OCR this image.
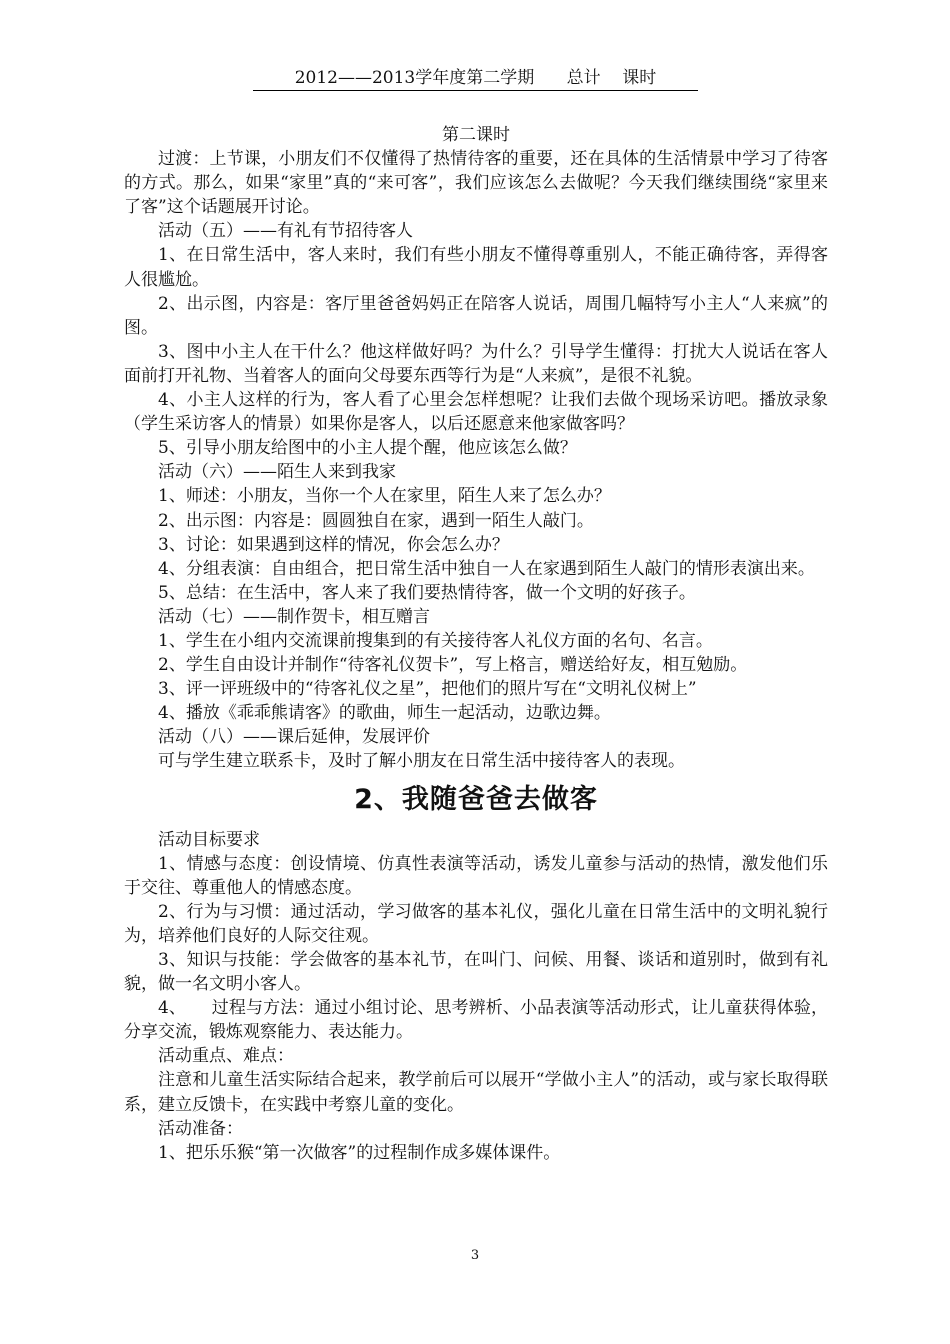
2012——2013学年度第二学期      总计    课时

第二课时

过渡：上节课，小朋友们不仅懂得了热情待客的重要，还在具体的生活情景中学习了待客的方式。那么，如果“家里”真的“来可客”，我们应该怎么去做呢？今天我们继续围绕“家里来了客”这个话题展开讨论。

活动（五）——有礼有节招待客人

1、在日常生活中，客人来时，我们有些小朋友不懂得尊重别人，不能正确待客，弄得客人很尴尬。

2、出示图，内容是：客厅里爸爸妈妈正在陪客人说话，周围几幅特写小主人“人来疯”的图。

3、图中小主人在干什么？他这样做好吗？为什么？引导学生懂得：打扰大人说话在客人面前打开礼物、当着客人的面向父母要东西等行为是“人来疯”，是很不礼貌。

4、小主人这样的行为，客人看了心里会怎样想呢？让我们去做个现场采访吧。播放录象（学生采访客人的情景）如果你是客人，以后还愿意来他家做客吗？

5、引导小朋友给图中的小主人提个醒，他应该怎么做？

活动（六）——陌生人来到我家

1、师述：小朋友，当你一个人在家里，陌生人来了怎么办？

2、出示图：内容是：圆圆独自在家，遇到一陌生人敲门。

3、讨论：如果遇到这样的情况，你会怎么办？

4、分组表演：自由组合，把日常生活中独自一人在家遇到陌生人敲门的情形表演出来。

5、总结：在生活中，客人来了我们要热情待客，做一个文明的好孩子。

活动（七）——制作贺卡，相互赠言

1、学生在小组内交流课前搜集到的有关接待客人礼仪方面的名句、名言。

2、学生自由设计并制作“待客礼仪贺卡”，写上格言，赠送给好友，相互勉励。

3、评一评班级中的“待客礼仪之星”，把他们的照片写在“文明礼仪树上”

4、播放《乖乖熊请客》的歌曲，师生一起活动，边歌边舞。

活动（八）——课后延伸，发展评价

可与学生建立联系卡，及时了解小朋友在日常生活中接待客人的表现。

2、我随爸爸去做客

活动目标要求

1、情感与态度：创设情境、仿真性表演等活动，诱发儿童参与活动的热情，激发他们乐于交往、尊重他人的情感态度。

2、行为与习惯：通过活动，学习做客的基本礼仪，强化儿童在日常生活中的文明礼貌行为，培养他们良好的人际交往观。

3、知识与技能：学会做客的基本礼节，在叫门、问候、用餐、谈话和道别时，做到有礼貌，做一名文明小客人。

4、　　过程与方法：通过小组讨论、思考辨析、小品表演等活动形式，让儿童获得体验，分享交流，锻炼观察能力、表达能力。

活动重点、难点：

注意和儿童生活实际结合起来，教学前后可以展开“学做小主人”的活动，或与家长取得联系，建立反馈卡，在实践中考察儿童的变化。

活动准备：

1、把乐乐猴“第一次做客”的过程制作成多媒体课件。

3
